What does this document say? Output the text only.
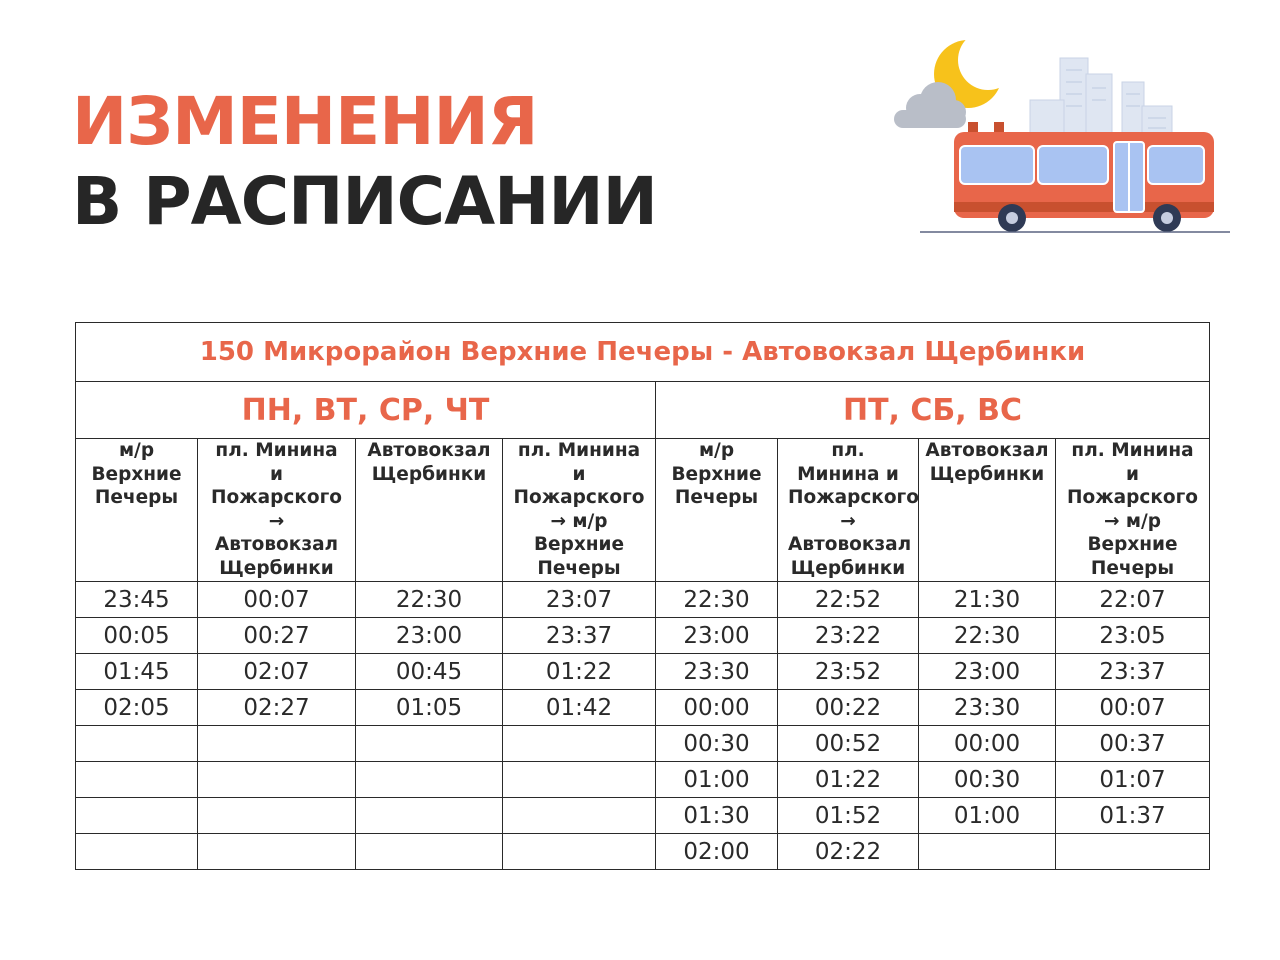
ИЗМЕНЕНИЯ
В РАСПИСАНИИ
150 Микрорайон Верхние Печеры - Автовокзал Щербинки							
ПН, ВТ, СР, ЧТ				ПТ, СБ, ВС			
м/р Верхние Печеры	пл. Минина и Пожарского → Автовокзал Щербинки	Автовокзал Щербинки	пл. Минина и Пожарского → м/р Верхние Печеры	м/р Верхние Печеры	пл. Минина и Пожарского → Автовокзал Щербинки	Автовокзал Щербинки	пл. Минина и Пожарского → м/р Верхние Печеры
23:45	00:07	22:30	23:07	22:30	22:52	21:30	22:07
00:05	00:27	23:00	23:37	23:00	23:22	22:30	23:05
01:45	02:07	00:45	01:22	23:30	23:52	23:00	23:37
02:05	02:27	01:05	01:42	00:00	00:22	23:30	00:07
				00:30	00:52	00:00	00:37
				01:00	01:22	00:30	01:07
				01:30	01:52	01:00	01:37
				02:00	02:22		
